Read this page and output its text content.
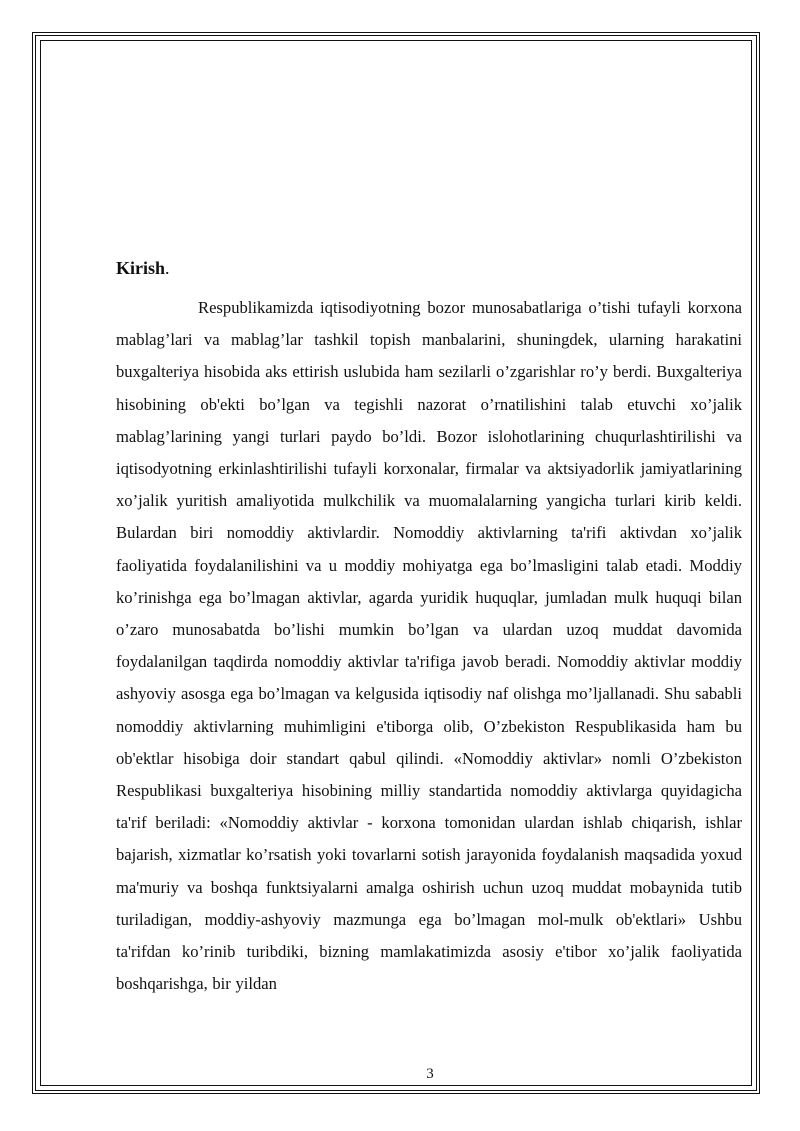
Kirish.

Respublikamizda iqtisodiyotning bozor munosabatlariga o’tishi tufayli korxona mablag’lari va mablag’lar tashkil topish manbalarini, shuningdek, ularning harakatini buxgalteriya hisobida aks ettirish uslubida ham sezilarli o’zgarishlar ro’y berdi. Buxgalteriya hisobining ob'ekti bo’lgan va tegishli nazorat o’rnatilishini talab etuvchi xo’jalik mablag’larining yangi turlari paydo bo’ldi. Bozor islohotlarining chuqurlashtirilishi va iqtisodyotning erkinlashtirilishi tufayli korxonalar, firmalar va aktsiyadorlik jamiyatlarining xo’jalik yuritish amaliyotida mulkchilik va muomalalarning yangicha turlari kirib keldi. Bulardan biri nomoddiy aktivlardir. Nomoddiy aktivlarning ta'rifi aktivdan xo’jalik faoliyatida foydalanilishini va u moddiy mohiyatga ega bo’lmasligini talab etadi. Moddiy ko’rinishga ega bo’lmagan aktivlar, agarda yuridik huquqlar, jumladan mulk huquqi bilan o’zaro munosabatda bo’lishi mumkin bo’lgan va ulardan uzoq muddat davomida foydalanilgan taqdirda nomoddiy aktivlar ta'rifiga javob beradi. Nomoddiy aktivlar moddiy ashyoviy asosga ega bo’lmagan va kelgusida iqtisodiy naf olishga mo’ljallanadi. Shu sababli nomoddiy aktivlarning muhimligini e'tiborga olib, O’zbekiston Respublikasida ham bu ob'ektlar hisobiga doir standart qabul qilindi. «Nomoddiy aktivlar» nomli O’zbekiston Respublikasi buxgalteriya hisobining milliy standartida nomoddiy aktivlarga quyidagicha ta'rif beriladi: «Nomoddiy aktivlar - korxona tomonidan ulardan ishlab chiqarish, ishlar bajarish, xizmatlar ko’rsatish yoki tovarlarni sotish jarayonida foydalanish maqsadida yoxud ma'muriy va boshqa funktsiyalarni amalga oshirish uchun uzoq muddat mobaynida tutib turiladigan, moddiy-ashyoviy mazmunga ega bo’lmagan mol-mulk ob'ektlari» Ushbu ta'rifdan ko’rinib turibdiki, bizning mamlakatimizda asosiy e'tibor xo’jalik faoliyatida boshqarishga, bir yildan

3
